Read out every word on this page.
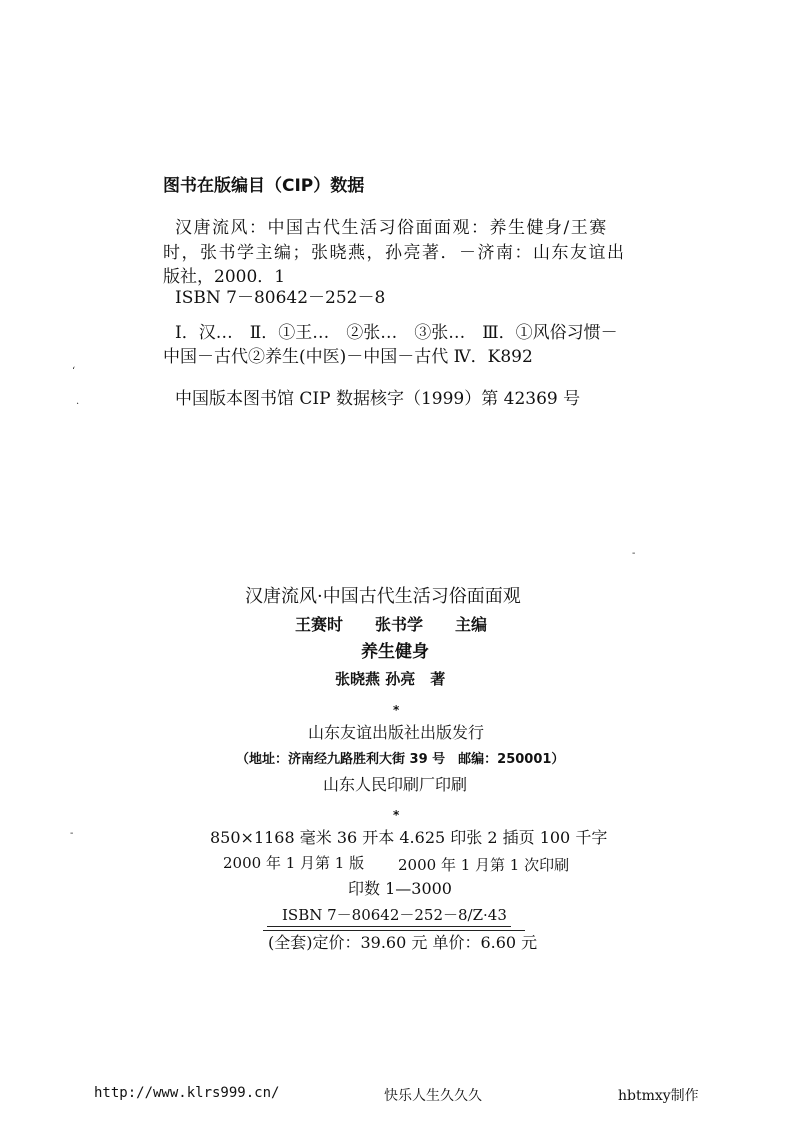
图书在版编目（CIP）数据
汉唐流风：中国古代生活习俗面面观：养生健身/王赛
时，张书学主编；张晓燕，孙亮著．－济南：山东友谊出
版社，2000．1
ISBN 7－80642－252－8
Ⅰ．汉…　Ⅱ．①王…　②张…　③张…　Ⅲ．①风俗习惯－
中国－古代②养生(中医)－中国－古代 Ⅳ．K892
中国版本图书馆 CIP 数据核字（1999）第 42369 号
‘
.
-
-
汉唐流风·中国古代生活习俗面面观
王赛时　　张书学　　主编
养生健身
张晓燕 孙亮　著
*
山东友谊出版社出版发行
（地址：济南经九路胜利大街 39 号　邮编：250001）
山东人民印刷厂印刷
*
850×1168 毫米 36 开本 4.625 印张 2 插页 100 千字
2000 年 1 月第 1 版 2000 年 1 月第 1 次印刷
印数 1—3000
ISBN 7－80642－252－8/Z·43
(全套)定价：39.60 元 单价：6.60 元
http://www.klrs999.cn/	快乐人生久久久	hbtmxy制作
